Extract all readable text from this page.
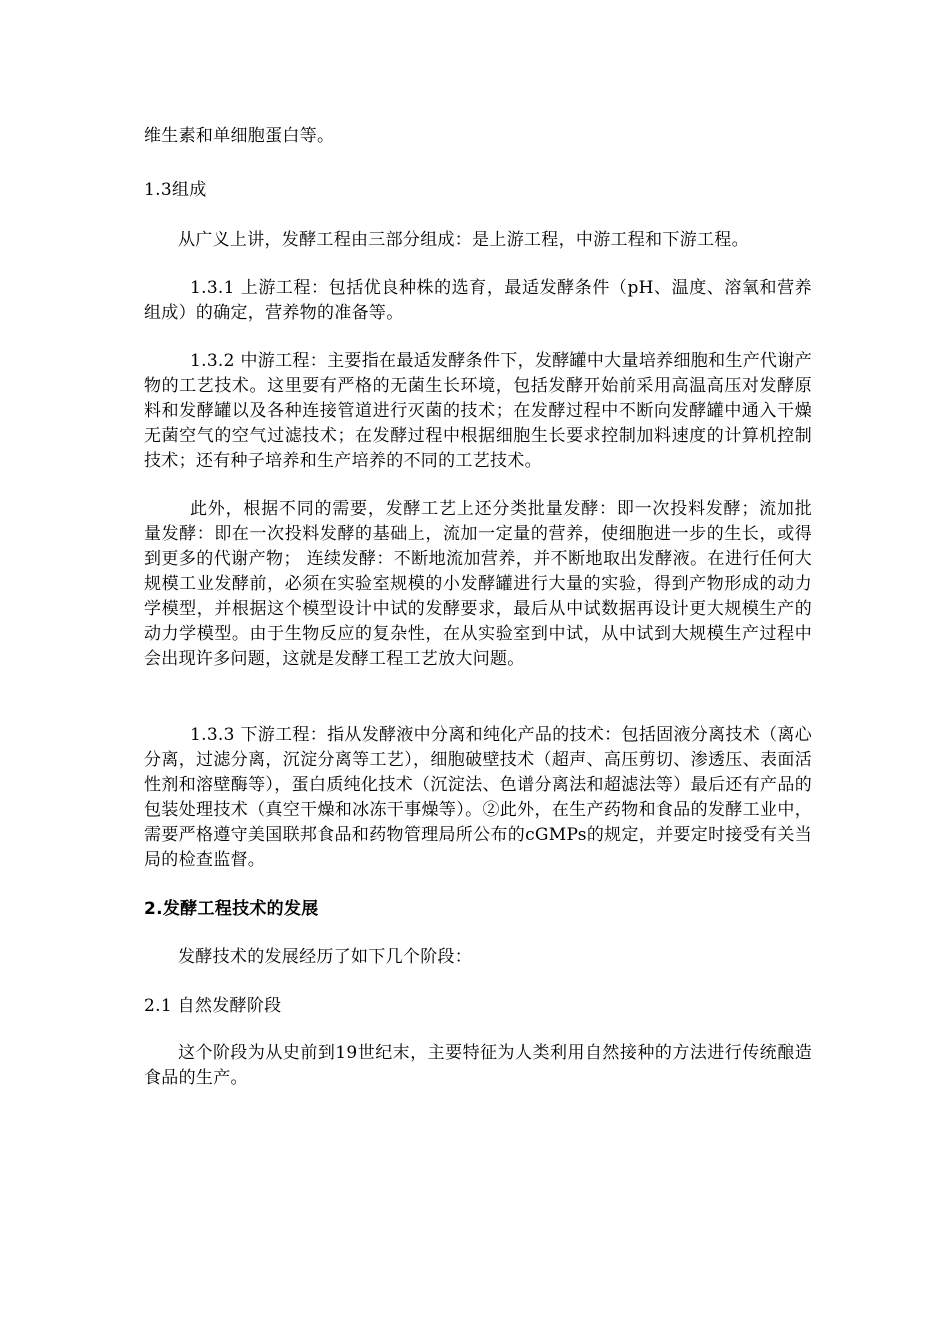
维生素和单细胞蛋白等。

1.3组成

从广义上讲，发酵工程由三部分组成：是上游工程，中游工程和下游工程。

1.3.1 上游工程：包括优良种株的选育，最适发酵条件（pH、温度、溶氧和营养组成）的确定，营养物的准备等。

1.3.2 中游工程：主要指在最适发酵条件下，发酵罐中大量培养细胞和生产代谢产物的工艺技术。这里要有严格的无菌生长环境，包括发酵开始前采用高温高压对发酵原料和发酵罐以及各种连接管道进行灭菌的技术；在发酵过程中不断向发酵罐中通入干燥无菌空气的空气过滤技术；在发酵过程中根据细胞生长要求控制加料速度的计算机控制技术；还有种子培养和生产培养的不同的工艺技术。

此外，根据不同的需要，发酵工艺上还分类批量发酵：即一次投料发酵；流加批量发酵：即在一次投料发酵的基础上，流加一定量的营养，使细胞进一步的生长，或得到更多的代谢产物； 连续发酵：不断地流加营养，并不断地取出发酵液。在进行任何大规模工业发酵前，必须在实验室规模的小发酵罐进行大量的实验，得到产物形成的动力学模型，并根据这个模型设计中试的发酵要求，最后从中试数据再设计更大规模生产的动力学模型。由于生物反应的复杂性，在从实验室到中试，从中试到大规模生产过程中会出现许多问题，这就是发酵工程工艺放大问题。

1.3.3 下游工程：指从发酵液中分离和纯化产品的技术：包括固液分离技术（离心分离，过滤分离，沉淀分离等工艺），细胞破壁技术（超声、高压剪切、渗透压、表面活性剂和溶壁酶等），蛋白质纯化技术（沉淀法、色谱分离法和超滤法等）最后还有产品的包装处理技术（真空干燥和冰冻干事燥等）。②此外，在生产药物和食品的发酵工业中，需要严格遵守美国联邦食品和药物管理局所公布的cGMPs的规定，并要定时接受有关当局的检查监督。

2.发酵工程技术的发展

发酵技术的发展经历了如下几个阶段：

2.1 自然发酵阶段

这个阶段为从史前到19世纪末，主要特征为人类利用自然接种的方法进行传统酿造食品的生产。
